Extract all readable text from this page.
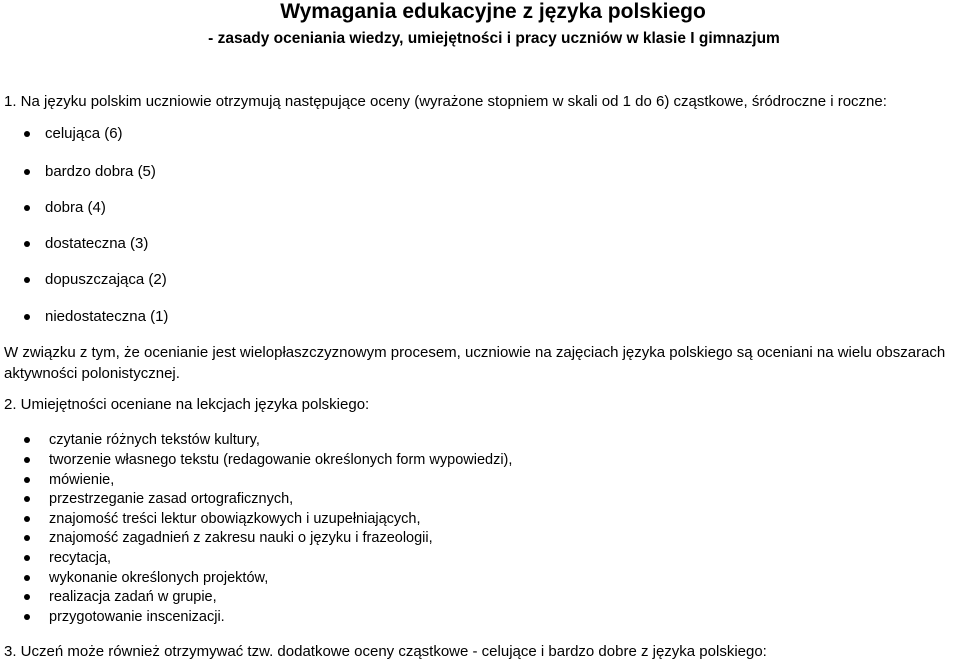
Wymagania edukacyjne z języka polskiego
- zasady oceniania wiedzy, umiejętności i pracy uczniów w klasie I gimnazjum
1. Na języku polskim uczniowie otrzymują następujące oceny (wyrażone stopniem w skali od 1 do 6) cząstkowe, śródroczne i roczne:
celująca (6)
bardzo dobra (5)
dobra (4)
dostateczna (3)
dopuszczająca (2)
niedostateczna (1)
W związku z tym, że ocenianie jest wielopłaszczyznowym procesem, uczniowie na zajęciach języka polskiego są oceniani na wielu obszarach aktywności polonistycznej.
2. Umiejętności oceniane na lekcjach języka polskiego:
czytanie różnych tekstów kultury,
tworzenie własnego tekstu (redagowanie określonych form wypowiedzi),
mówienie,
przestrzeganie zasad ortograficznych,
znajomość treści lektur obowiązkowych i uzupełniających,
znajomość zagadnień z zakresu nauki o języku i frazeologii,
recytacja,
wykonanie określonych projektów,
realizacja zadań w grupie,
przygotowanie inscenizacji.
3. Uczeń może również otrzymywać tzw. dodatkowe oceny cząstkowe - celujące i bardzo dobre z języka polskiego:
